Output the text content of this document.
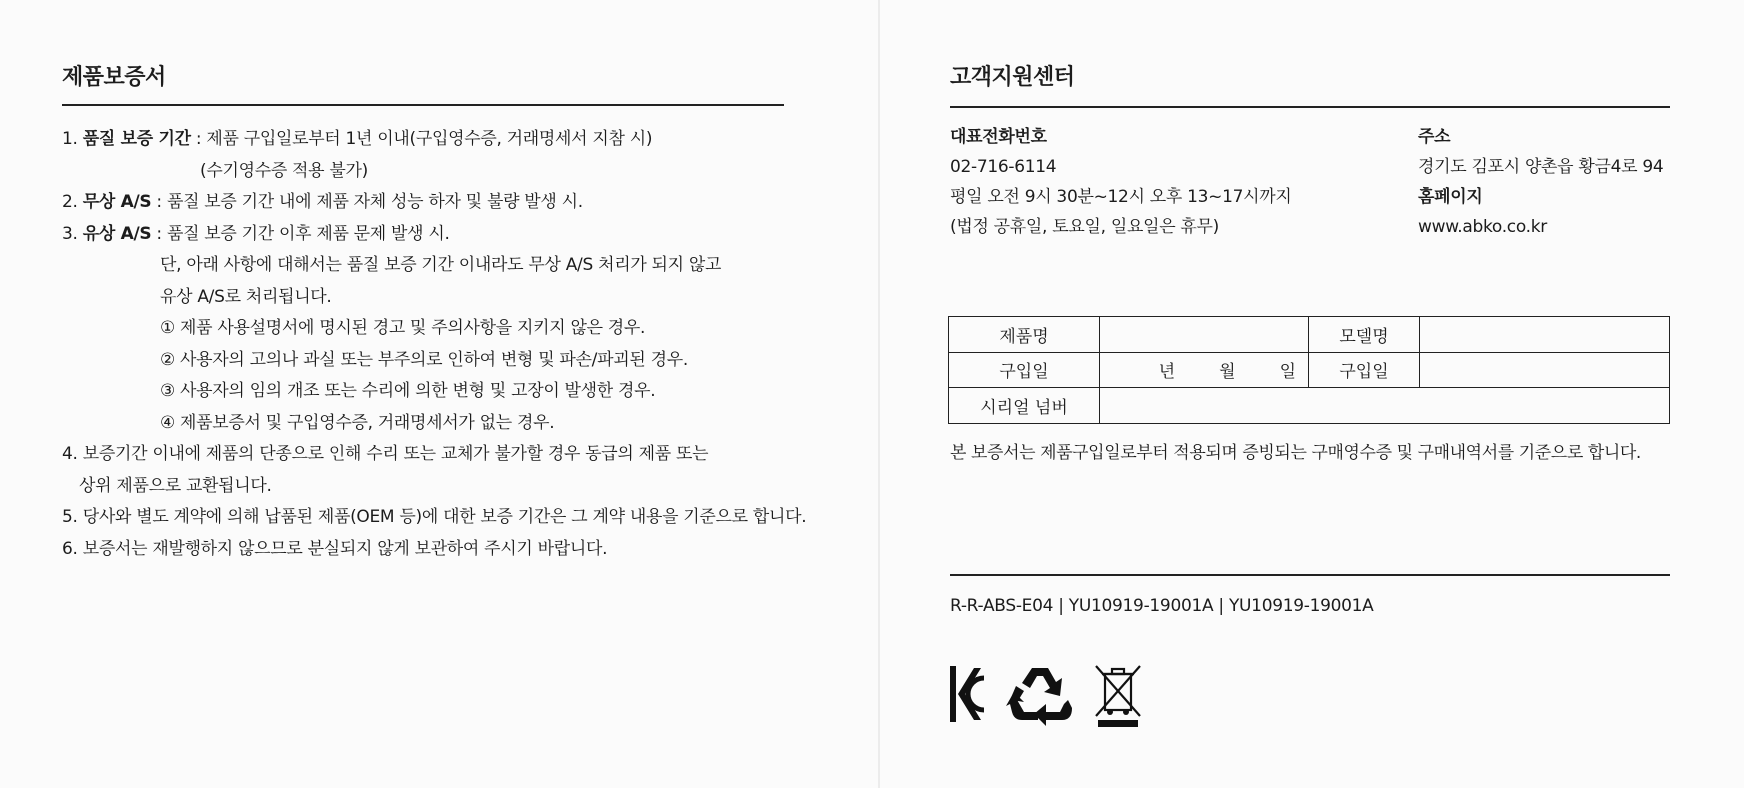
제품보증서
1. 품질 보증 기간 : 제품 구입일로부터 1년 이내(구입영수증, 거래명세서 지참 시)
(수기영수증 적용 불가)
2. 무상 A/S : 품질 보증 기간 내에 제품 자체 성능 하자 및 불량 발생 시.
3. 유상 A/S : 품질 보증 기간 이후 제품 문제 발생 시.
단, 아래 사항에 대해서는 품질 보증 기간 이내라도 무상 A/S 처리가 되지 않고
유상 A/S로 처리됩니다.
① 제품 사용설명서에 명시된 경고 및 주의사항을 지키지 않은 경우.
② 사용자의 고의나 과실 또는 부주의로 인하여 변형 및 파손/파괴된 경우.
③ 사용자의 임의 개조 또는 수리에 의한 변형 및 고장이 발생한 경우.
④ 제품보증서 및 구입영수증, 거래명세서가 없는 경우.
4. 보증기간 이내에 제품의 단종으로 인해 수리 또는 교체가 불가할 경우 동급의 제품 또는
상위 제품으로 교환됩니다.
5. 당사와 별도 계약에 의해 납품된 제품(OEM 등)에 대한 보증 기간은 그 계약 내용을 기준으로 합니다.
6. 보증서는 재발행하지 않으므로 분실되지 않게 보관하여 주시기 바랍니다.
고객지원센터
대표전화번호
02-716-6114
평일 오전 9시 30분~12시 오후 13~17시까지
(법정 공휴일, 토요일, 일요일은 휴무)
주소
경기도 김포시 양촌읍 황금4로 94
홈페이지
www.abko.co.kr
제품명		모델명	
구입일	년 월 일	구입일	
시리얼 넘버			
본 보증서는 제품구입일로부터 적용되며 증빙되는 구매영수증 및 구매내역서를 기준으로 합니다.
R-R-ABS-E04 | YU10919-19001A | YU10919-19001A
